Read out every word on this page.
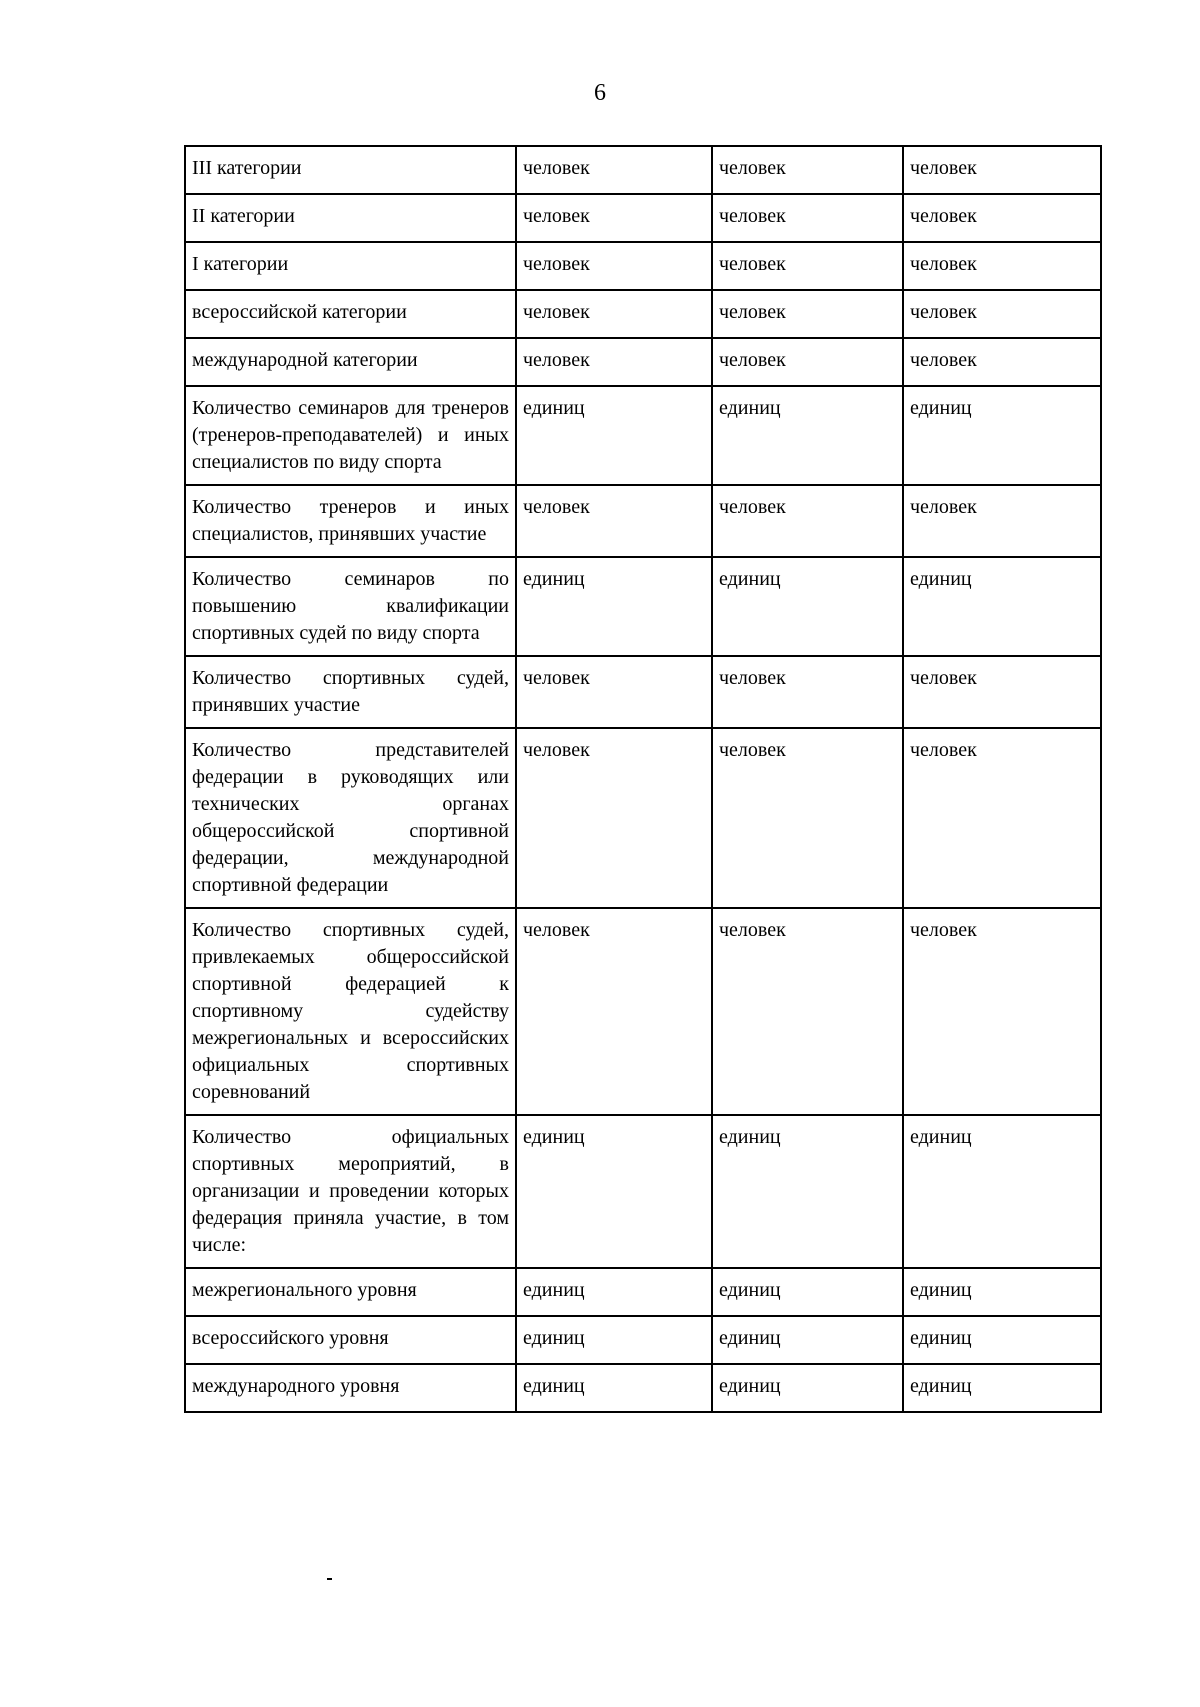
6
III категории	человек	человек	человек
II категории	человек	человек	человек
I категории	человек	человек	человек
всероссийской категории	человек	человек	человек
международной категории	человек	человек	человек
Количество семинаров для тренеров (тренеров-преподавателей) и иных специалистов по виду спорта	единиц	единиц	единиц
Количество тренеров и иных специалистов, принявших участие	человек	человек	человек
Количество семинаров по повышению квалификации спортивных судей по виду спорта	единиц	единиц	единиц
Количество спортивных судей, принявших участие	человек	человек	человек
Количество представителей федерации в руководящих или технических органах общероссийской спортивной федерации, международной спортивной федерации	человек	человек	человек
Количество спортивных судей, привлекаемых общероссийской спортивной федерацией к спортивному судейству межрегиональных и всероссийских официальных спортивных соревнований	человек	человек	человек
Количество официальных спортивных мероприятий, в организации и проведении которых федерация приняла участие, в том числе:	единиц	единиц	единиц
межрегионального уровня	единиц	единиц	единиц
всероссийского уровня	единиц	единиц	единиц
международного уровня	единиц	единиц	единиц
